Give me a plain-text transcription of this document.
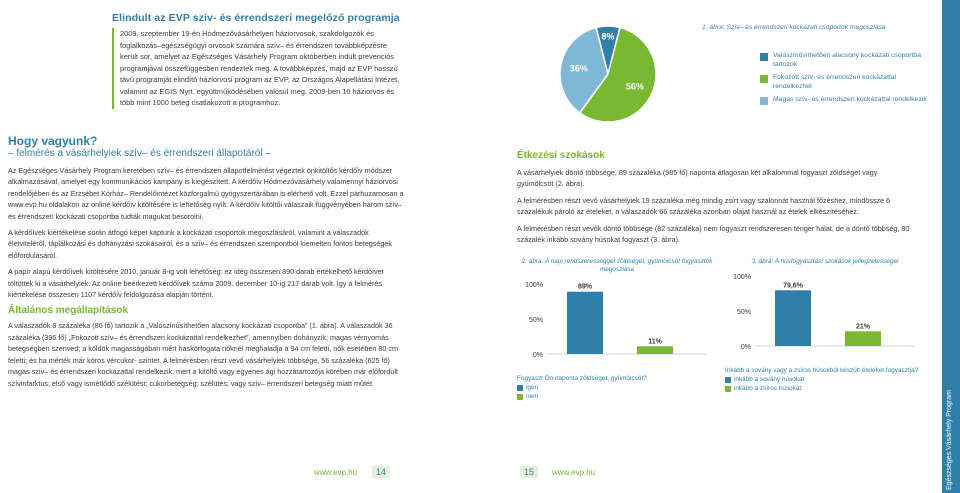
Elindult az EVP szív- és érrendszeri megelőző programja
2009. szeptember 19-én Hódmezővásárhelyen háziorvosok, szakdolgozók és foglalkozás–egészségügyi orvosok számára szív– és érrendszeri továbbképzésre került sor, amelyet az Egészséges Vásárhely Program októberben indult prevenciós programjával összefüggésben rendeztek meg. A továbbképzés, majd az EVP hosszú távú programját elindító háziorvosi program az EVP, az Országos Alapellátási Intézet, valamint az EGIS Nyrt. együttműködésében valósul meg. 2009-ben 10 háziorvos és több mint 1000 beteg csatlakozott a programhoz.
Hogy vagyunk?
– felmérés a vásárhelyiek szív– és érrendszeri állapotáról –

Az Egészséges Vásárhely Program keretében szív– és érrendszeri állapotfelmérést végeztek önkitöltős kérdőív módszer alkalmazásával, amelyet egy kommunikációs kampány is kiegészített. A kérdőív Hódmezővásárhely valamennyi háziorvosi rendelőjében és az Erzsébet Kórház– Rendelőintézet közforgalmú gyógyszertárában is elérhető volt. Ezzel párhuzamosan a www.evp.hu oldalakon az online kérdőív kitöltésére is lehetőség nyílt. A kérdőív kitöltői válaszaik függvényében három szív– és érrendszeri kockázati csoportba tudták magukat besorolni.

A kérdőívek kiértékelése során átfogó képet kaptunk a kockázati csoportok megoszlásáról, valamint a válaszadók életvitelérõl, táplálkozási és dohányzási szokásairól, és a szív– és érrendszeri szempontból kiemelten fontos betegségek előfordulásáról.

A papír alapú kérdőívek kitöltésére 2010. január 8-ig volt lehetőség: ez idég összesen 890 darab értékelhető kérdőívet töltöttek ki a vásárhelyiek. Az online beérkezett kérdőívek száma 2009. december 10-ig 217 darab volt. Így a felmérés kiértékelése összesen 1107 kérdőív feldolgozása alapján történt.

Általános megállapítások

A válaszadók 8 százaléka (86 fő) tartozik a „Valószínűsíthetően alacsony kockázati csoportba” (1. ábra). A válaszadók 36 százaléka (396 fő) „Fokozott szív– és érrendszeri kockázattal rendelkezhet”, amennyiben dohányzik; magas vérnyomás betegségben szenved; a köldök magasságában mért haskörfogata nőknél meghaladja a 94 cm feletti, nők esetében 80 cm feletti; és ha mérték már kóros vércukor- szintet. A felmérésben részt vevő vásárhelyiek többsége, 56 százaléka (625 fő) magas szív– és érrendszeri kockázattal rendelkezik, mert a kitöltő vagy egyenes ági hozzátartozója körében már előfordult szívinfarktus; első vagy ismétlődő szélütést; cukorbetegség; szélütés; vagy szív– érrendszeri betegség miatt műtét.

www.evp.hu	14
8%
56%
36%
1. ábra: Szív– és érrendszeri kockázati csoportok megoszlása
Étkezési szokások

A vásárhelyiek döntő többsége, 89 százaléka (985 fő) naponta átlagosan két alkalommal fogyaszt zöldséget vagy gyümölcsöt (2. ábra).

A felmérésben részt vevő vásárhelyiek 19 százaléka még mindig zsírt vagy szalonnát használ főzéshez, mindössze 6 százalékuk pároló az ételeket, a válaszadók 66 százaléka azonban olajat használ az ételek elkészítéséhez.

A felmérésben részt vevők döntő többsége (82 százaléka) nem fogyaszt rendszeresen tenger halat, de a döntő többség, 80 százalék inkább sovány húsokat fogyaszt (3. ábra).

2. ábra: A napi rendszerességgel zöldséget, gyümölcsöt fogyasztók megoszlása
100%
50%
0%
89%
11%
Fogyaszt Ön naponta zöldséget, gyümölcsöt?
igen
nem
3. ábra: A húsfogyasztási szokások jellegzetességei
100%
50%
0%
79,6%
21%
Inkább a sovány vagy a zsíros húsokból készült ételeket fogyasztja?
inkább a sovány húsokat
inkább a zsíros húsokat
15	www.evp.hu	Egészséges Vásárhely Program
Valószínűsíthetően alacsony kockázati csoportba tartozók
Fokozott szív- és érrendszeri kockázattal rendelkezhet
Magas szív- és érrendszeri kockázattal rendelkezik
